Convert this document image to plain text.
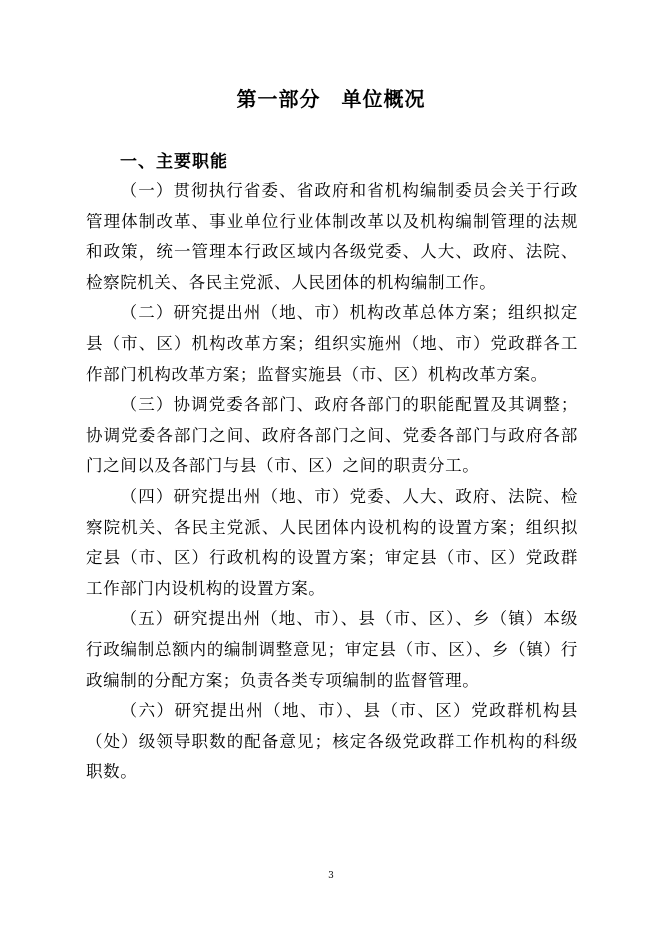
第一部分　单位概况
一、主要职能

（一）贯彻执行省委、省政府和省机构编制委员会关于行政管理体制改革、事业单位行业体制改革以及机构编制管理的法规和政策，统一管理本行政区域内各级党委、人大、政府、法院、检察院机关、各民主党派、人民团体的机构编制工作。

（二）研究提出州（地、市）机构改革总体方案；组织拟定县（市、区）机构改革方案；组织实施州（地、市）党政群各工作部门机构改革方案；监督实施县（市、区）机构改革方案。

（三）协调党委各部门、政府各部门的职能配置及其调整；协调党委各部门之间、政府各部门之间、党委各部门与政府各部门之间以及各部门与县（市、区）之间的职责分工。

（四）研究提出州（地、市）党委、人大、政府、法院、检察院机关、各民主党派、人民团体内设机构的设置方案；组织拟定县（市、区）行政机构的设置方案；审定县（市、区）党政群工作部门内设机构的设置方案。

（五）研究提出州（地、市）、县（市、区）、乡（镇）本级行政编制总额内的编制调整意见；审定县（市、区）、乡（镇）行政编制的分配方案；负责各类专项编制的监督管理。

（六）研究提出州（地、市）、县（市、区）党政群机构县（处）级领导职数的配备意见；核定各级党政群工作机构的科级职数。

3
